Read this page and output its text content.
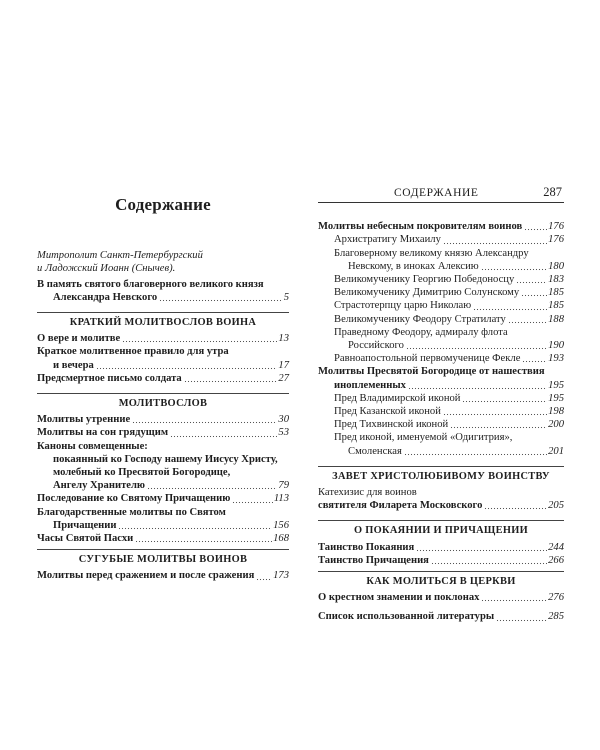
Содержание
Митрополит Санкт-Петербургский
и Ладожский Иоанн (Снычев).
В память святого благоверного великого князя
Александра Невского	5
КРАТКИЙ МОЛИТВОСЛОВ ВОИНА
О вере и молитве	13
Краткое молитвенное правило для утра
и вечера	17
Предсмертное письмо солдата	27
МОЛИТВОСЛОВ
Молитвы утренние	30
Молитвы на сон грядущим	53
Каноны совмещенные:
покаянный ко Господу нашему Иисусу Христу,
молебный ко Пресвятой Богородице,
Ангелу Хранителю	79
Последование ко Святому Причащению	113
Благодарственные молитвы по Святом
Причащении	156
Часы Святой Пасхи	168
СУГУБЫЕ МОЛИТВЫ ВОИНОВ
Молитвы перед сражением и после сражения 173
СОДЕРЖАНИЕ	287
Молитвы небесным покровителям воинов 176
Архистратигу Михаилу	176
Благоверному великому князю Александру
Невскому, в иноках Алексию	180
Великомученику Георгию Победоносцу	183
Великомученику Димитрию Солунскому	185
Страстотерпцу царю Николаю	185
Великомученику Феодору Стратилату	188
Праведному Феодору, адмиралу флота
Российского	190
Равноапостольной первомученице Фекле	193
Молитвы Пресвятой Богородице от нашествия
иноплеменных	195
Пред Владимирской иконой	195
Пред Казанской иконой	198
Пред Тихвинской иконой	200
Пред иконой, именуемой «Одигитрия»,
Смоленская	201
ЗАВЕТ ХРИСТОЛЮБИВОМУ ВОИНСТВУ
Катехизис для воинов
святителя Филарета Московского	205
О ПОКАЯНИИ И ПРИЧАЩЕНИИ
Таинство Покаяния	244
Таинство Причащения	266
КАК МОЛИТЬСЯ В ЦЕРКВИ
О крестном знамении и поклонах	276
Список использованной литературы	285
